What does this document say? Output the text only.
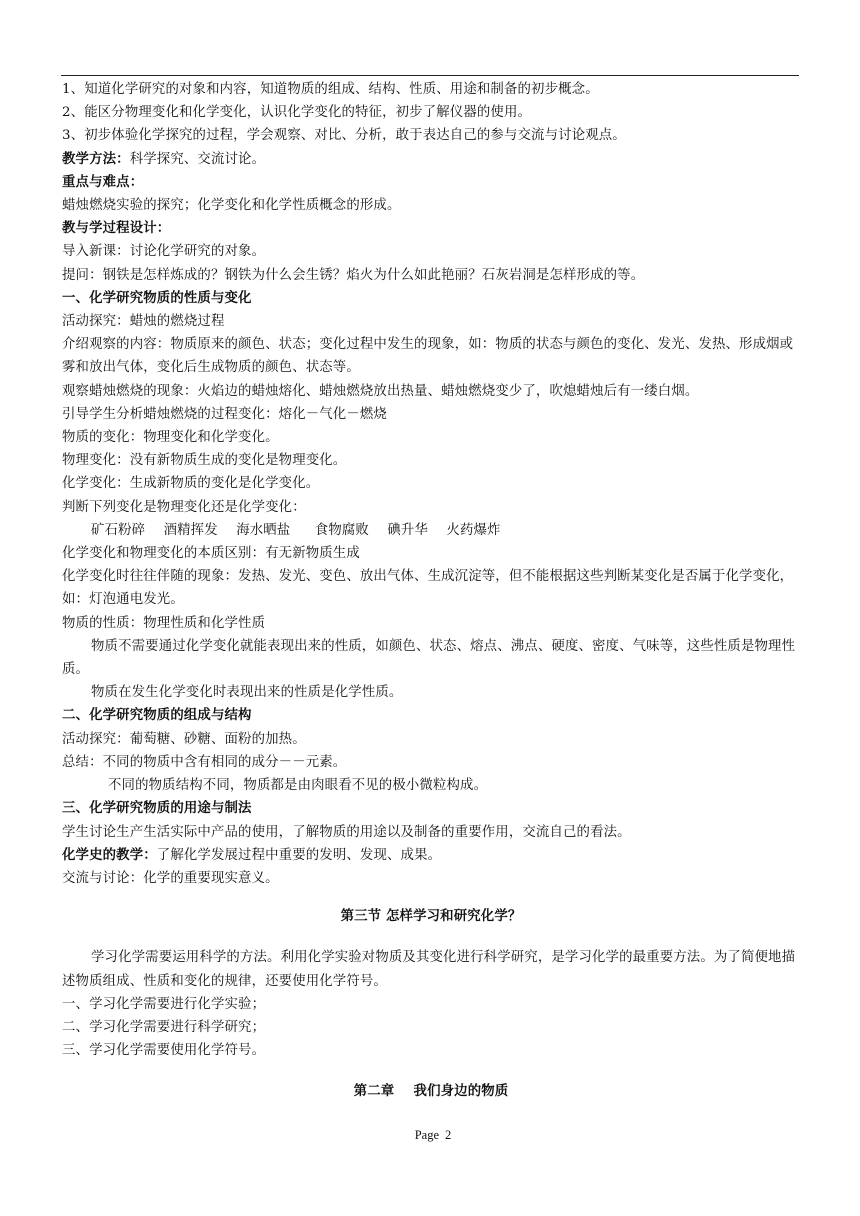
1、知道化学研究的对象和内容，知道物质的组成、结构、性质、用途和制备的初步概念。
2、能区分物理变化和化学变化，认识化学变化的特征，初步了解仪器的使用。
3、初步体验化学探究的过程，学会观察、对比、分析，敢于表达自己的参与交流与讨论观点。
教学方法：科学探究、交流讨论。
重点与难点：
蜡烛燃烧实验的探究；化学变化和化学性质概念的形成。
教与学过程设计：
导入新课：讨论化学研究的对象。
提问：钢铁是怎样炼成的？钢铁为什么会生锈？焰火为什么如此艳丽？石灰岩洞是怎样形成的等。
一、化学研究物质的性质与变化
活动探究：蜡烛的燃烧过程
介绍观察的内容：物质原来的颜色、状态；变化过程中发生的现象，如：物质的状态与颜色的变化、发光、发热、形成烟或雾和放出气体，变化后生成物质的颜色、状态等。
观察蜡烛燃烧的现象：火焰边的蜡烛熔化、蜡烛燃烧放出热量、蜡烛燃烧变少了，吹熄蜡烛后有一缕白烟。
引导学生分析蜡烛燃烧的过程变化：熔化－气化－燃烧
物质的变化：物理变化和化学变化。
物理变化：没有新物质生成的变化是物理变化。
化学变化：生成新物质的变化是化学变化。
判断下列变化是物理变化还是化学变化：
矿石粉碎 酒精挥发 海水晒盐 食物腐败 碘升华 火药爆炸
化学变化和物理变化的本质区别：有无新物质生成
化学变化时往往伴随的现象：发热、发光、变色、放出气体、生成沉淀等，但不能根据这些判断某变化是否属于化学变化，如：灯泡通电发光。
物质的性质：物理性质和化学性质
物质不需要通过化学变化就能表现出来的性质，如颜色、状态、熔点、沸点、硬度、密度、气味等，这些性质是物理性质。
物质在发生化学变化时表现出来的性质是化学性质。
二、化学研究物质的组成与结构
活动探究：葡萄糖、砂糖、面粉的加热。
总结：不同的物质中含有相同的成分－－元素。
不同的物质结构不同，物质都是由肉眼看不见的极小微粒构成。
三、化学研究物质的用途与制法
学生讨论生产生活实际中产品的使用，了解物质的用途以及制备的重要作用，交流自己的看法。
化学史的教学：了解化学发展过程中重要的发明、发现、成果。
交流与讨论：化学的重要现实意义。
第三节 怎样学习和研究化学？
学习化学需要运用科学的方法。利用化学实验对物质及其变化进行科学研究，是学习化学的最重要方法。为了简便地描述物质组成、性质和变化的规律，还要使用化学符号。
一、学习化学需要进行化学实验；
二、学习化学需要进行科学研究；
三、学习化学需要使用化学符号。
第二章    我们身边的物质
Page 2
